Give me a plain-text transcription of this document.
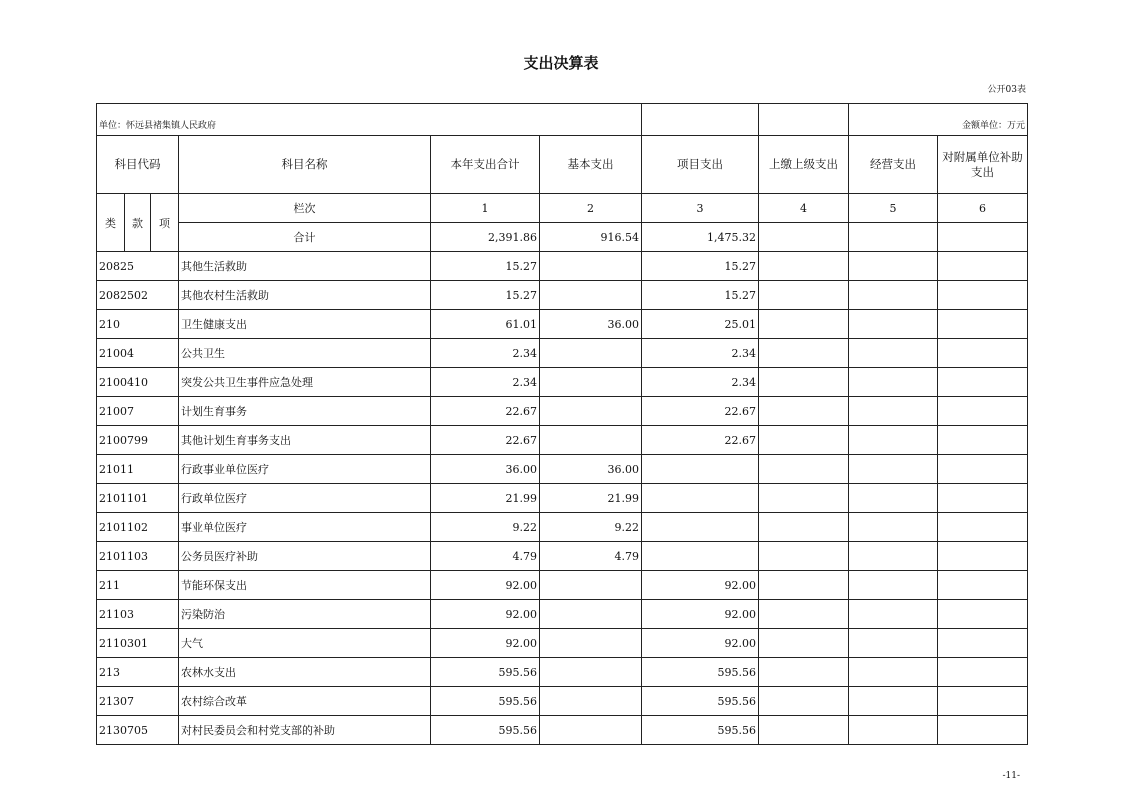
支出决算表
公开03表
单位：怀远县褚集镇人民政府								金额单位：万元	
科目代码			科目名称	本年支出合计	基本支出	项目支出	上缴上级支出	经营支出	对附属单位补助支出
类	款	项	栏次	1	2	3	4	5	6
			合计	2,391.86	916.54	1,475.32			
20825			其他生活救助	15.27		15.27			
2082502			其他农村生活救助	15.27		15.27			
210			卫生健康支出	61.01	36.00	25.01			
21004			公共卫生	2.34		2.34			
2100410			突发公共卫生事件应急处理	2.34		2.34			
21007			计划生育事务	22.67		22.67			
2100799			其他计划生育事务支出	22.67		22.67			
21011			行政事业单位医疗	36.00	36.00				
2101101			行政单位医疗	21.99	21.99				
2101102			事业单位医疗	9.22	9.22				
2101103			公务员医疗补助	4.79	4.79				
211			节能环保支出	92.00		92.00			
21103			污染防治	92.00		92.00			
2110301			大气	92.00		92.00			
213			农林水支出	595.56		595.56			
21307			农村综合改革	595.56		595.56			
2130705			对村民委员会和村党支部的补助	595.56		595.56			
-11-
